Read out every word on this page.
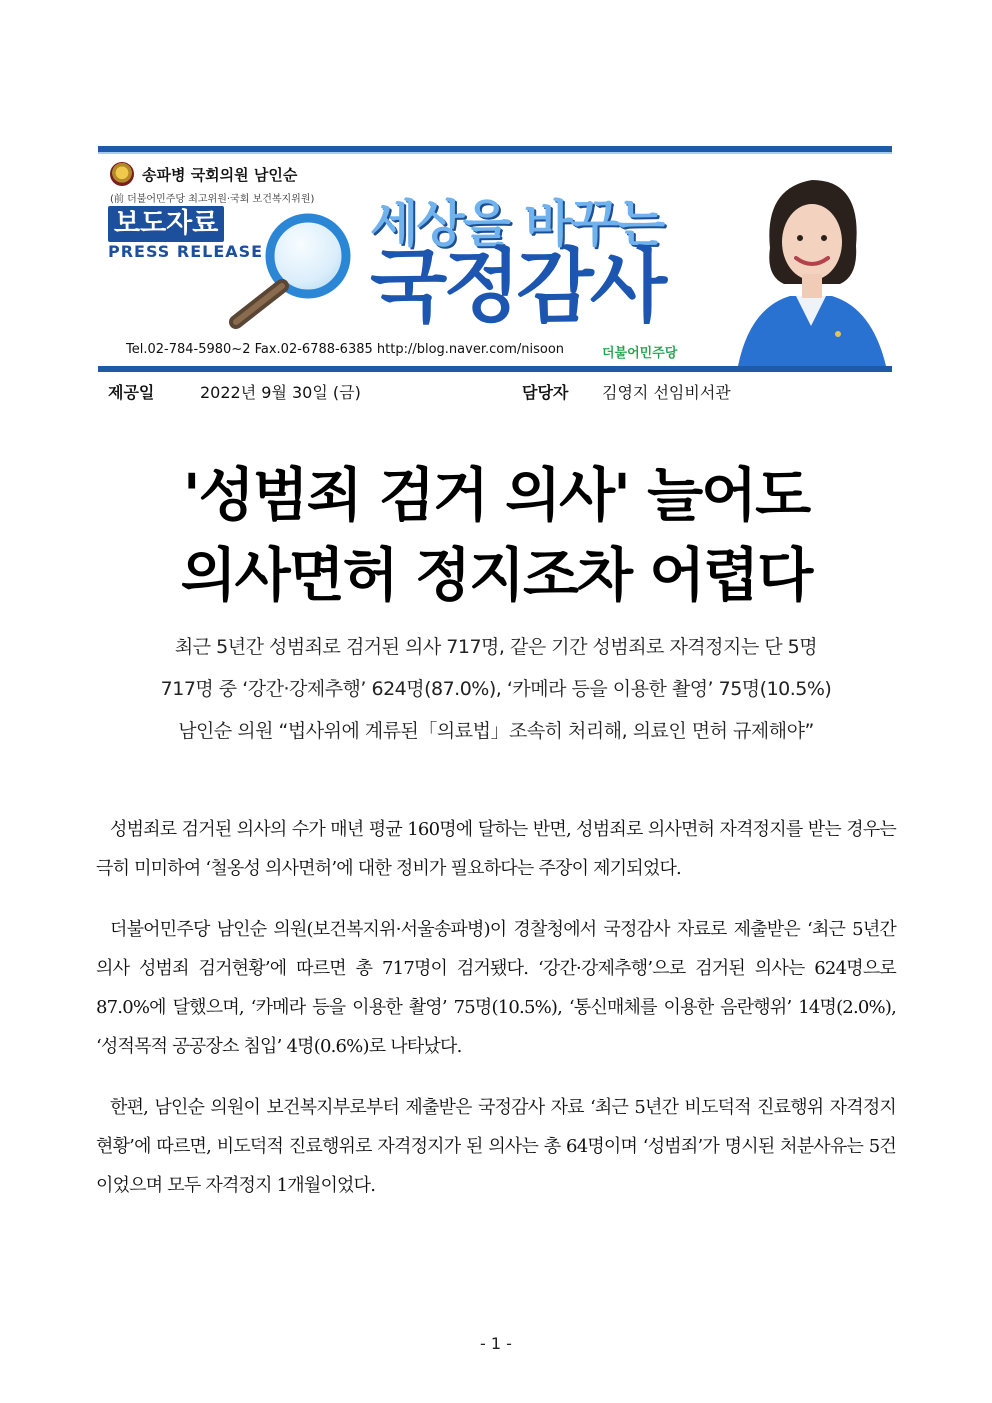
송파병 국회의원 남인순
(前 더불어민주당 최고위원·국회 보건복지위원)
보도자료
PRESS RELEASE 세상을 바꾸는
국정감사
Tel.02-784-5980~2 Fax.02-6788-6385 http://blog.naver.com/nisoon	더불어민주당
제공일	2022년 9월 30일 (금)	담당자 김영지 선임비서관
'성범죄 검거 의사' 늘어도
의사면허 정지조차 어렵다
최근 5년간 성범죄로 검거된 의사 717명, 같은 기간 성범죄로 자격정지는 단 5명
717명 중 ‘강간·강제추행’ 624명(87.0%), ‘카메라 등을 이용한 촬영’ 75명(10.5%)
남인순 의원 “법사위에 계류된「의료법」조속히 처리해, 의료인 면허 규제해야”

성범죄로 검거된 의사의 수가 매년 평균 160명에 달하는 반면, 성범죄로 의사면허 자격정지를 받는 경우는 극히 미미하여 ‘철옹성 의사면허’에 대한 정비가 필요하다는 주장이 제기되었다.

더불어민주당 남인순 의원(보건복지위·서울송파병)이 경찰청에서 국정감사 자료로 제출받은 ‘최근 5년간 의사 성범죄 검거현황’에 따르면 총 717명이 검거됐다. ‘강간·강제추행’으로 검거된 의사는 624명으로 87.0%에 달했으며, ‘카메라 등을 이용한 촬영’ 75명(10.5%), ‘통신매체를 이용한 음란행위’ 14명(2.0%), ‘성적목적 공공장소 침입’ 4명(0.6%)로 나타났다.

한편, 남인순 의원이 보건복지부로부터 제출받은 국정감사 자료 ‘최근 5년간 비도덕적 진료행위 자격정지 현황’에 따르면, 비도덕적 진료행위로 자격정지가 된 의사는 총 64명이며 ‘성범죄’가 명시된 처분사유는 5건이었으며 모두 자격정지 1개월이었다.

- 1 -
